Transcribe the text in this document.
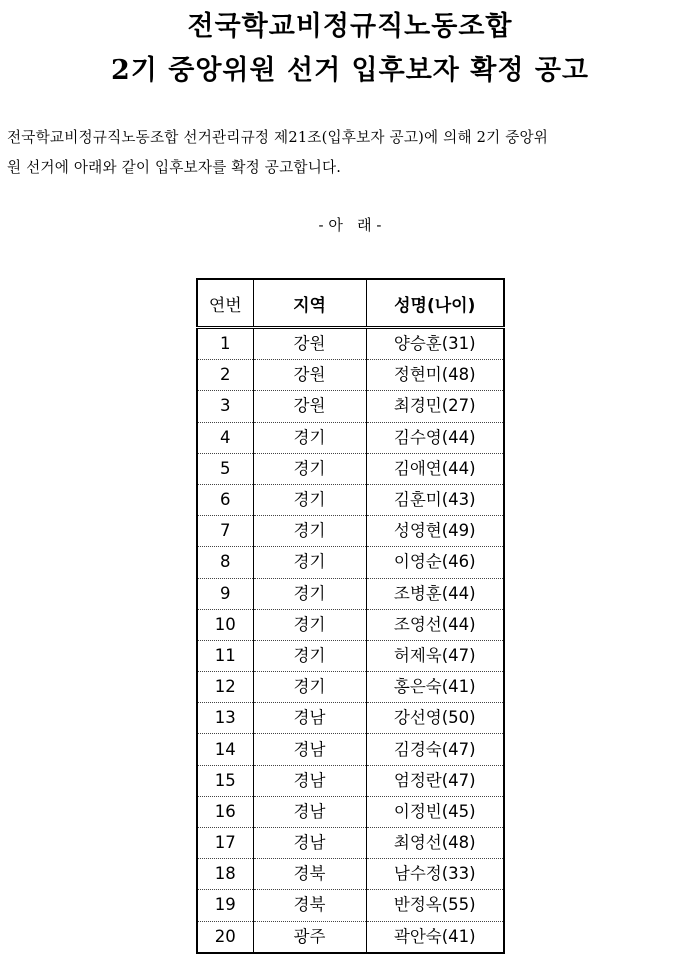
전국학교비정규직노동조합
2기 중앙위원 선거 입후보자 확정 공고
전국학교비정규직노동조합 선거관리규정 제21조(입후보자 공고)에 의해 2기 중앙위
원 선거에 아래와 같이 입후보자를 확정 공고합니다.
- 아   래 -
연번	지역	성명(나이)
1	강원	양승훈(31)
2	강원	정현미(48)
3	강원	최경민(27)
4	경기	김수영(44)
5	경기	김애연(44)
6	경기	김훈미(43)
7	경기	성영현(49)
8	경기	이영순(46)
9	경기	조병훈(44)
10	경기	조영선(44)
11	경기	허제욱(47)
12	경기	홍은숙(41)
13	경남	강선영(50)
14	경남	김경숙(47)
15	경남	엄정란(47)
16	경남	이정빈(45)
17	경남	최영선(48)
18	경북	남수정(33)
19	경북	반정옥(55)
20	광주	곽안숙(41)
